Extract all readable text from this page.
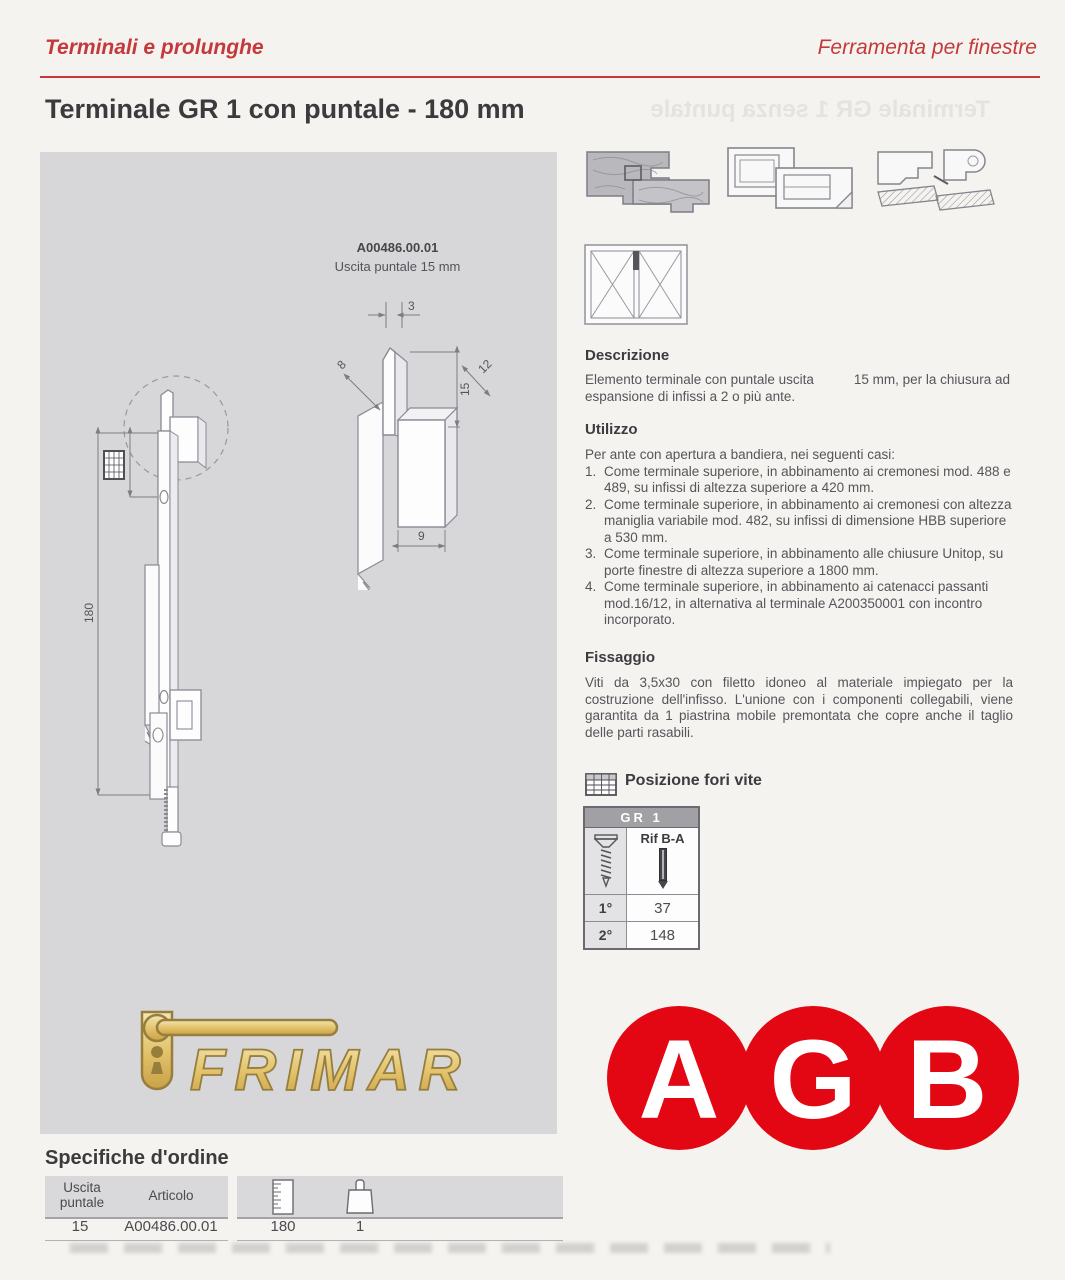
Terminali e prolunghe	Ferramenta per finestre
Terminale GR 1 senza puntale
Terminale GR 1 con puntale - 180 mm
A00486.00.01
Uscita puntale 15 mm
3
8
15
12
9
180
FRIMAR
Descrizione

Elemento terminale con puntale uscita	15 mm, per la chiusura ad espansione di infissi a 2 o più ante.

Utilizzo

Per ante con apertura a bandiera, nei seguenti casi:

1. Come terminale superiore, in abbinamento ai cremonesi mod. 488 e 489, su infissi di altezza superiore a 420 mm.
2. Come terminale superiore, in abbinamento ai cremonesi con altezza maniglia variabile mod. 482, su infissi di dimensione HBB superiore a 530 mm.
3. Come terminale superiore, in abbinamento alle chiusure Unitop, su porte finestre di altezza superiore a 1800 mm.
4. Come terminale superiore, in abbinamento ai catenacci passanti mod.16/12, in alternativa al terminale A200350001 con incontro incorporato.
Fissaggio

Viti da 3,5x30 con filetto idoneo al materiale impiegato per la costruzione dell'infisso. L'unione con i componenti collegabili, viene garantita da 1 piastrina mobile premontata che copre anche il taglio delle parti rasabili.

Posizione fori vite
GR 1
Rif B-A
1°	37
2°	148
A G B
Specifiche d'ordine
Uscita puntale	Articolo
15	A00486.00.01	180	1
